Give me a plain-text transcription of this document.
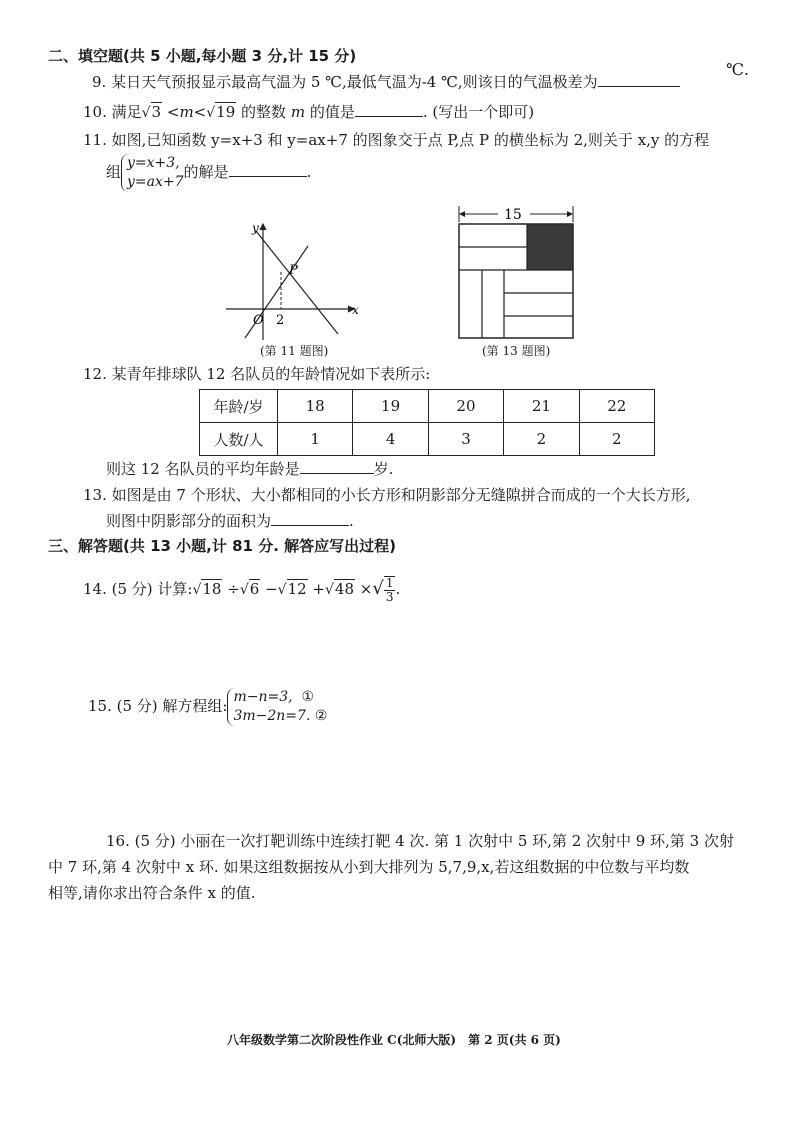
二、填空题(共 5 小题,每小题 3 分,计 15 分)
9. 某日天气预报显示最高气温为 5 ℃,最低气温为-4 ℃,则该日的气温极差为
℃.
10. 满足√3 <m<√19 的整数 m 的值是	. (写出一个即可)
11. 如图,已知函数 y=x+3 和 y=ax+7 的图象交于点 P,点 P 的横坐标为 2,则关于 x,y 的方程
组 y=x+3,
y=ax+7
的解是	.
y
x
O 2
P
(第 11 题图)
15
(第 13 题图)
12. 某青年排球队 12 名队员的年龄情况如下表所示:
年龄/岁	18	19	20	21	22
人数/人	1	4	3	2	2
则这 12 名队员的平均年龄是	岁.
13. 如图是由 7 个形状、大小都相同的小长方形和阴影部分无缝隙拼合而成的一个大长方形,
则图中阴影部分的面积为	.
三、解答题(共 13 小题,计 81 分. 解答应写出过程)
14. (5 分) 计算:√18 ÷√6 −√12 +√48 ×√ $\frac{1}{3}$ .
15. (5 分) 解方程组: m−n=3, ①
3m−2n=7. ②
16. (5 分) 小丽在一次打靶训练中连续打靶 4 次. 第 1 次射中 5 环,第 2 次射中 9 环,第 3 次射
中 7 环,第 4 次射中 x 环. 如果这组数据按从小到大排列为 5,7,9,x,若这组数据的中位数与平均数
相等,请你求出符合条件 x 的值.
八年级数学第二次阶段性作业 C(北师大版)　第 2 页(共 6 页)
